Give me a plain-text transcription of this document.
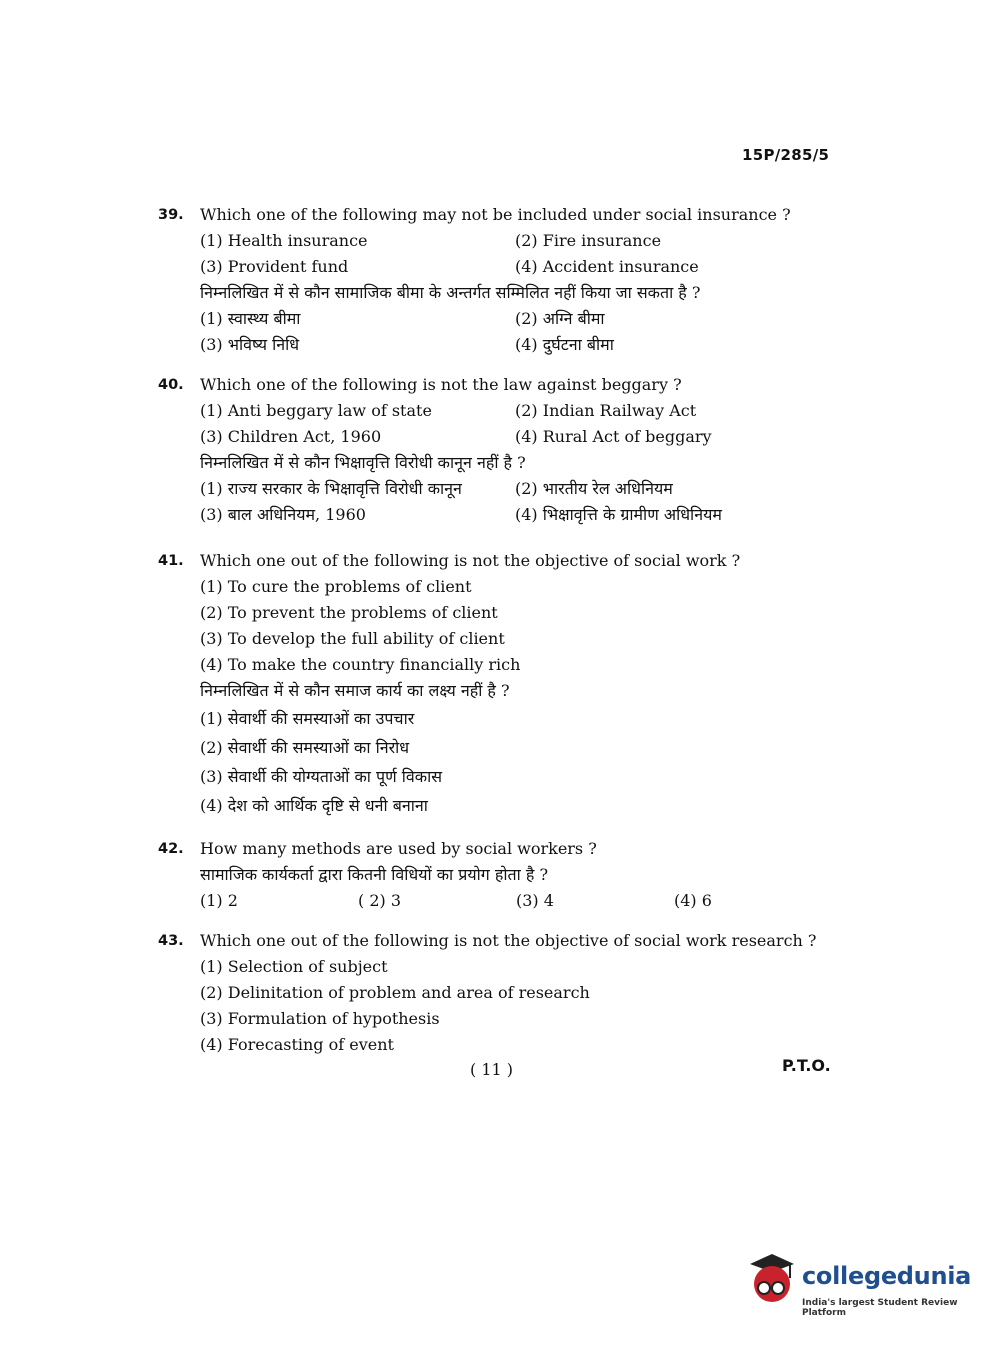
15P/285/5
39.	Which one of the following may not be included under social insurance ?
(1) Health insurance	(2) Fire insurance
(3) Provident fund	(4) Accident insurance
निम्नलिखित में से कौन सामाजिक बीमा के अन्तर्गत सम्मिलित नहीं किया जा सकता है ?
(1) स्वास्थ्य बीमा	(2) अग्नि बीमा
(3) भविष्य निधि	(4) दुर्घटना बीमा
40.	Which one of the following is not the law against beggary ?
(1) Anti beggary law of state	(2) Indian Railway Act
(3) Children Act, 1960	(4) Rural Act of beggary
निम्नलिखित में से कौन भिक्षावृत्ति विरोधी कानून नहीं है ?
(1) राज्य सरकार के भिक्षावृत्ति विरोधी कानून	(2) भारतीय रेल अधिनियम
(3) बाल अधिनियम, 1960	(4) भिक्षावृत्ति के ग्रामीण अधिनियम
41.	Which one out of the following is not the objective of social work ?
(1) To cure the problems of client
(2) To prevent the problems of client
(3) To develop the full ability of client
(4) To make the country financially rich
निम्नलिखित में से कौन समाज कार्य का लक्ष्य नहीं है ?
(1) सेवार्थी की समस्याओं का उपचार
(2) सेवार्थी की समस्याओं का निरोध
(3) सेवार्थी की योग्यताओं का पूर्ण विकास
(4) देश को आर्थिक दृष्टि से धनी बनाना
42.	How many methods are used by social workers ?
सामाजिक कार्यकर्ता द्वारा कितनी विधियों का प्रयोग होता है ?
(1) 2	( 2) 3	(3) 4	(4) 6
43.	Which one out of the following is not the objective of social work research ?
(1) Selection of subject
(2) Delinitation of problem and area of research
(3) Formulation of hypothesis
(4) Forecasting of event
( 11 )	P.T.O.
collegedunia
India's largest Student Review Platform
